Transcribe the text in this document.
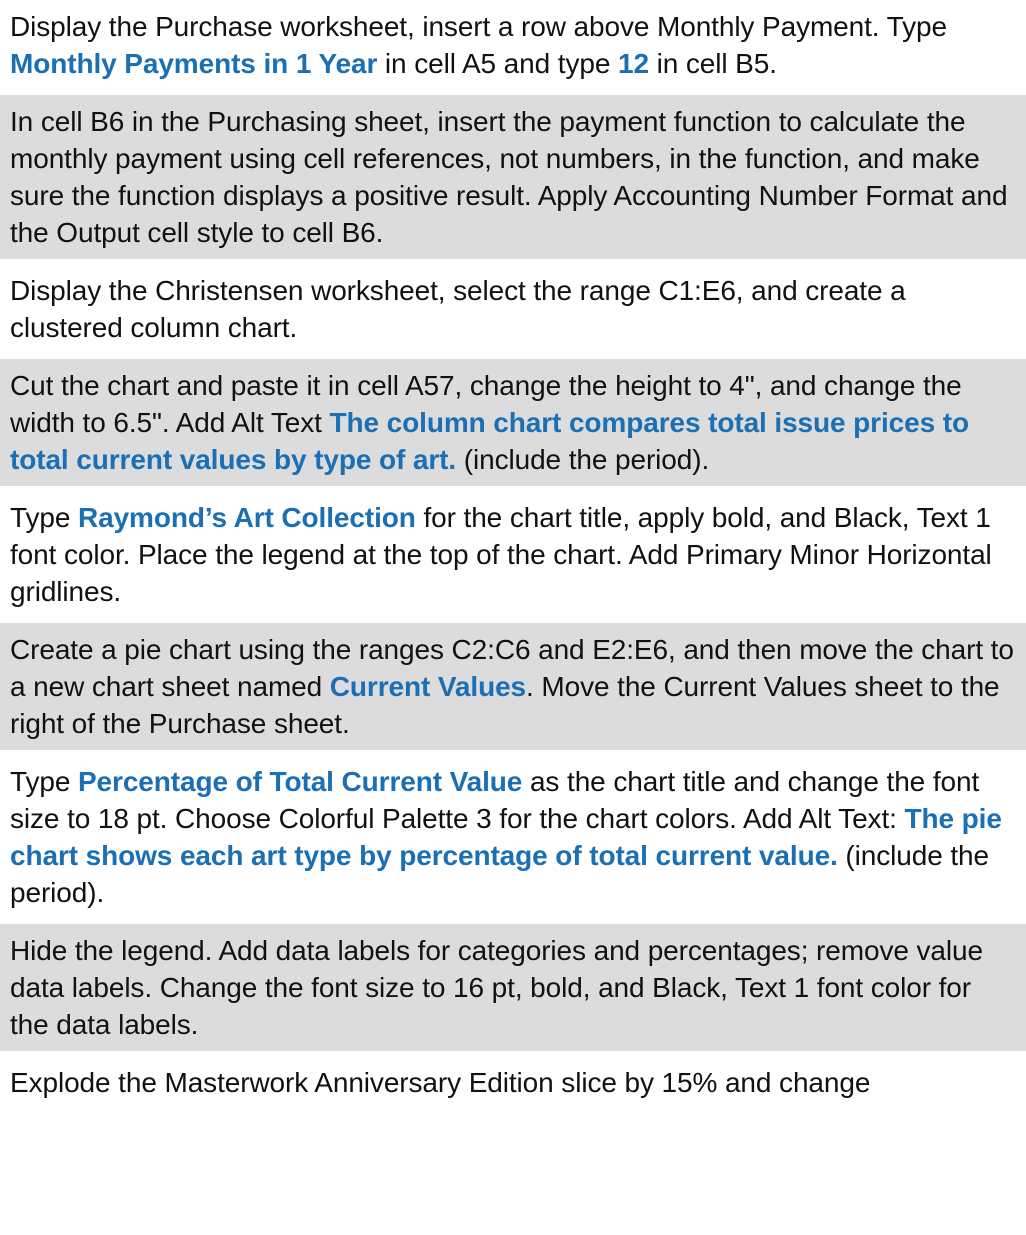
Display the Purchase worksheet, insert a row above Monthly Payment. Type Monthly Payments in 1 Year in cell A5 and type 12 in cell B5.
In cell B6 in the Purchasing sheet, insert the payment function to calculate the monthly payment using cell references, not numbers, in the function, and make sure the function displays a positive result. Apply Accounting Number Format and the Output cell style to cell B6.
Display the Christensen worksheet, select the range C1:E6, and create a clustered column chart.
Cut the chart and paste it in cell A57, change the height to 4", and change the width to 6.5". Add Alt Text The column chart compares total issue prices to total current values by type of art. (include the period).
Type Raymond’s Art Collection for the chart title, apply bold, and Black, Text 1 font color. Place the legend at the top of the chart. Add Primary Minor Horizontal gridlines.
Create a pie chart using the ranges C2:C6 and E2:E6, and then move the chart to a new chart sheet named Current Values. Move the Current Values sheet to the right of the Purchase sheet.
Type Percentage of Total Current Value as the chart title and change the font size to 18 pt. Choose Colorful Palette 3 for the chart colors. Add Alt Text: The pie chart shows each art type by percentage of total current value. (include the period).
Hide the legend. Add data labels for categories and percentages; remove value data labels. Change the font size to 16 pt, bold, and Black, Text 1 font color for the data labels.
Explode the Masterwork Anniversary Edition slice by 15% and change
